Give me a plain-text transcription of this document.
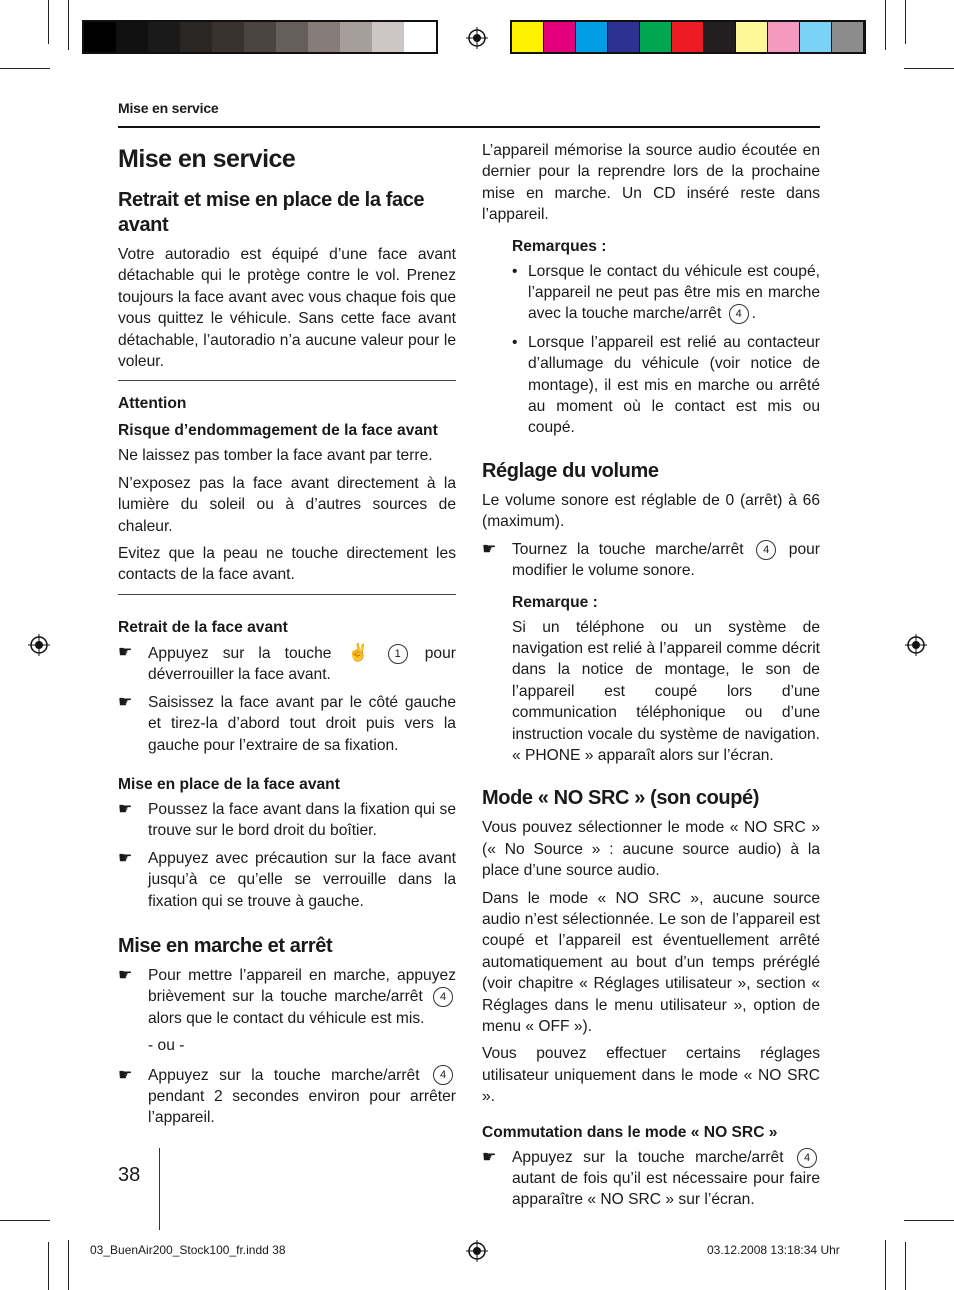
Mise en service
Mise en service
Retrait et mise en place de la face avant

Votre autoradio est équipé d’une face avant détachable qui le protège contre le vol. Prenez toujours la face avant avec vous chaque fois que vous quittez le véhicule. Sans cette face avant détachable, l’autoradio n’a aucune valeur pour le voleur.

Attention
Risque d’endommagement de la face avant

Ne laissez pas tomber la face avant par terre.

N’exposez pas la face avant directement à la lumière du soleil ou à d’autres sources de chaleur.

Evitez que la peau ne touche directement les contacts de la face avant.

Retrait de la face avant
☛ Appuyez sur la touche ✌ 1 pour déverrouiller la face avant.
☛ Saisissez la face avant par le côté gauche et tirez-la d’abord tout droit puis vers la gauche pour l’extraire de sa fixation.
Mise en place de la face avant
☛ Poussez la face avant dans la fixation qui se trouve sur le bord droit du boîtier.
☛ Appuyez avec précaution sur la face avant jusqu’à ce qu’elle se verrouille dans la fixation qui se trouve à gauche.
Mise en marche et arrêt
☛ Pour mettre l’appareil en marche, appuyez brièvement sur la touche marche/arrêt 4 alors que le contact du véhicule est mis.

- ou -

☛ Appuyez sur la touche marche/arrêt 4 pendant 2 secondes environ pour arrêter l’appareil.

L’appareil mémorise la source audio écoutée en dernier pour la reprendre lors de la prochaine mise en marche. Un CD inséré reste dans l’appareil.

Remarques :
• Lorsque le contact du véhicule est coupé, l’appareil ne peut pas être mis en marche avec la touche marche/arrêt 4 .
• Lorsque l’appareil est relié au contacteur d’allumage du véhicule (voir notice de montage), il est mis en marche ou arrêté au moment où le contact est mis ou coupé.
Réglage du volume

Le volume sonore est réglable de 0 (arrêt) à 66 (maximum).

☛ Tournez la touche marche/arrêt 4 pour modifier le volume sonore.
Remarque :

Si un téléphone ou un système de navigation est relié à l’appareil comme décrit dans la notice de montage, le son de l’appareil est coupé lors d’une communication téléphonique ou d’une instruction vocale du système de navigation. « PHONE » apparaît alors sur l’écran.

Mode « NO SRC » (son coupé)

Vous pouvez sélectionner le mode « NO SRC » (« No Source » : aucune source audio) à la place d’une source audio.

Dans le mode « NO SRC », aucune source audio n’est sélectionnée. Le son de l’appareil est coupé et l’appareil est éventuellement arrêté automatiquement au bout d’un temps préréglé (voir chapitre « Réglages utilisateur », section « Réglages dans le menu utilisateur », option de menu « OFF »).

Vous pouvez effectuer certains réglages utilisateur uniquement dans le mode « NO SRC ».

Commutation dans le mode « NO SRC »
☛ Appuyez sur la touche marche/arrêt 4 autant de fois qu’il est nécessaire pour faire apparaître « NO SRC » sur l’écran.
38
03_BuenAir200_Stock100_fr.indd 38	03.12.2008 13:18:34 Uhr
